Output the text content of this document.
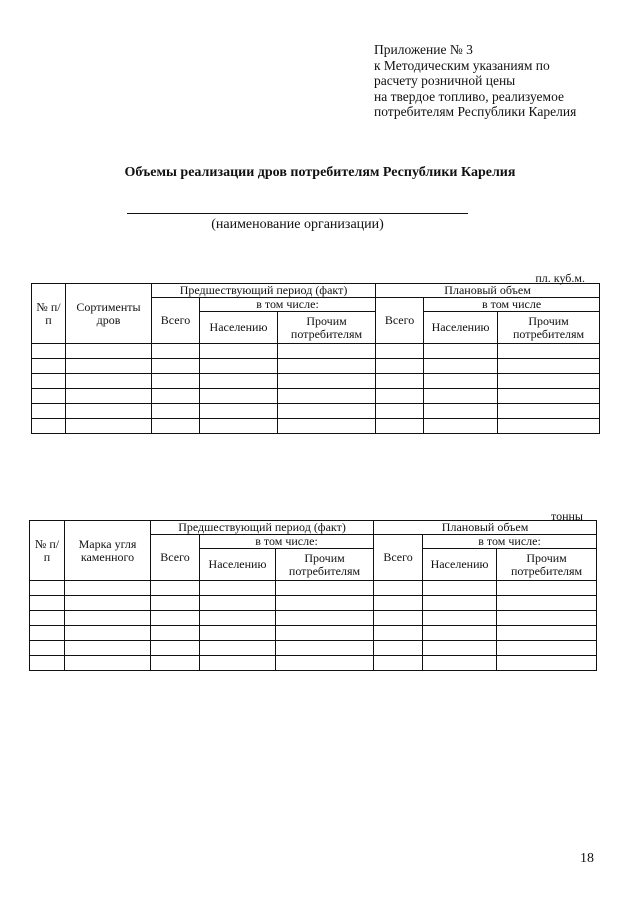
Приложение № 3
к Методическим указаниям по
расчету розничной цены
на твердое топливо, реализуемое
потребителям Республики Карелия
Объемы реализации дров потребителям Республики Карелия
(наименование организации)
пл. куб.м.
№ п/п	Сортименты дров	Предшествующий период (факт)			Плановый объем		
		Всего	в том числе:		Всего	в том числе	
			Населению	Прочим потребителям		Населению	Прочим потребителям

тонны
№ п/п	Марка угля каменного	Предшествующий период (факт)			Плановый объем		
		Всего	в том числе:		Всего	в том числе:	
			Населению	Прочим потребителям		Населению	Прочим потребителям

18
